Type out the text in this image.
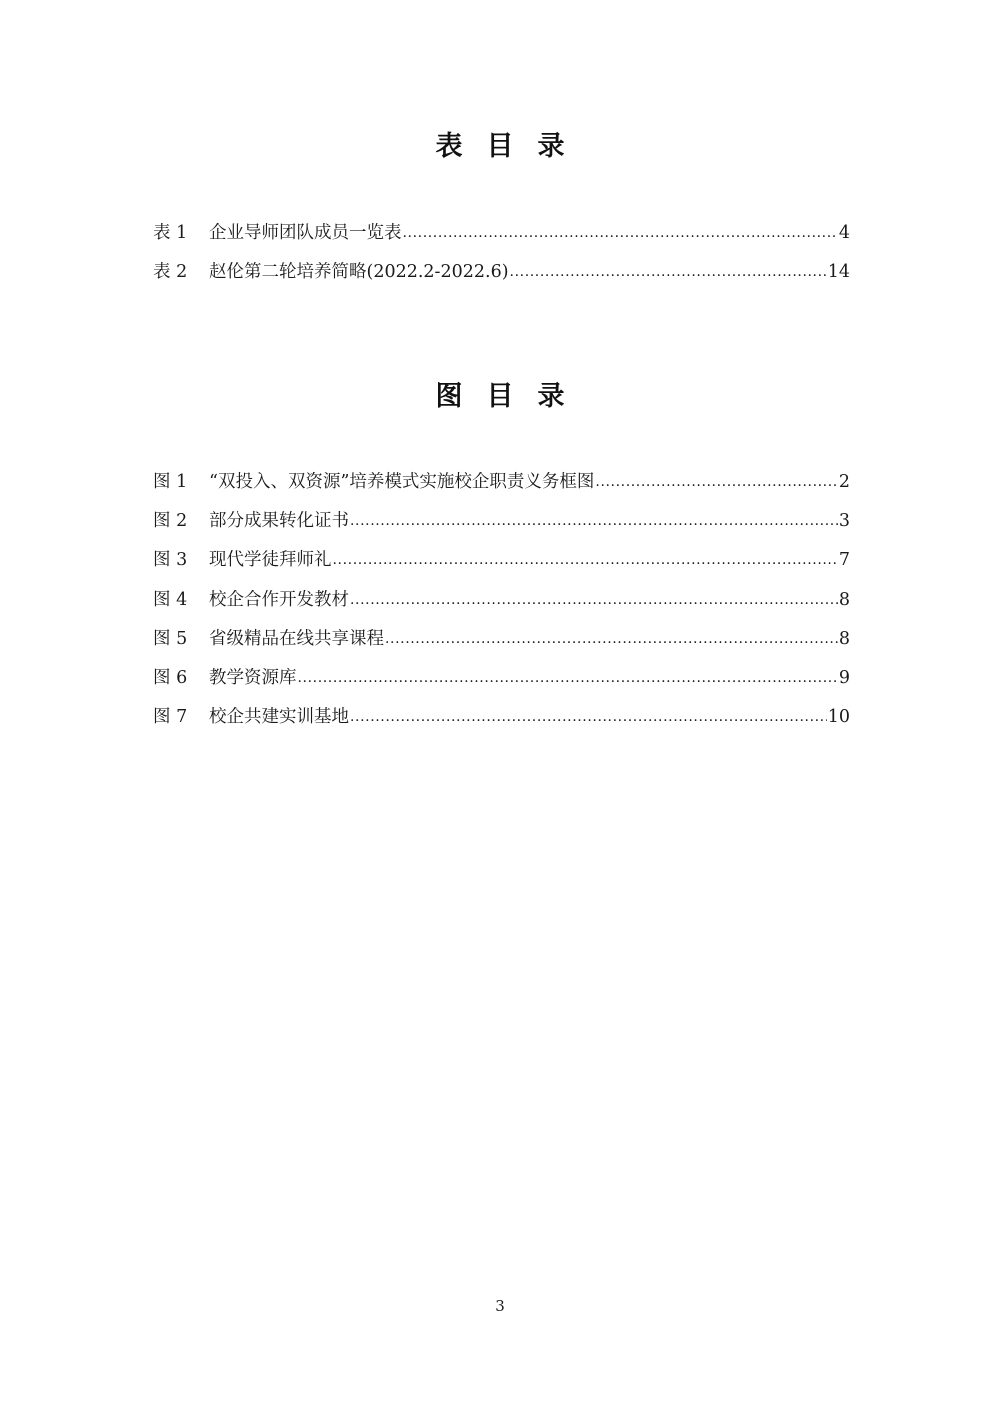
表目录
表 1	企业导师团队成员一览表 .....	4
表 2	赵伦第二轮培养简略(2022.2-2022.6) .....	14
图目录
图 1	“双投入、双资源”培养模式实施校企职责义务框图 .....	2
图 2	部分成果转化证书 .....	3
图 3	现代学徒拜师礼 .....	7
图 4	校企合作开发教材 .....	8
图 5	省级精品在线共享课程 .....	8
图 6	教学资源库 .....	9
图 7	校企共建实训基地 .....	10
3
